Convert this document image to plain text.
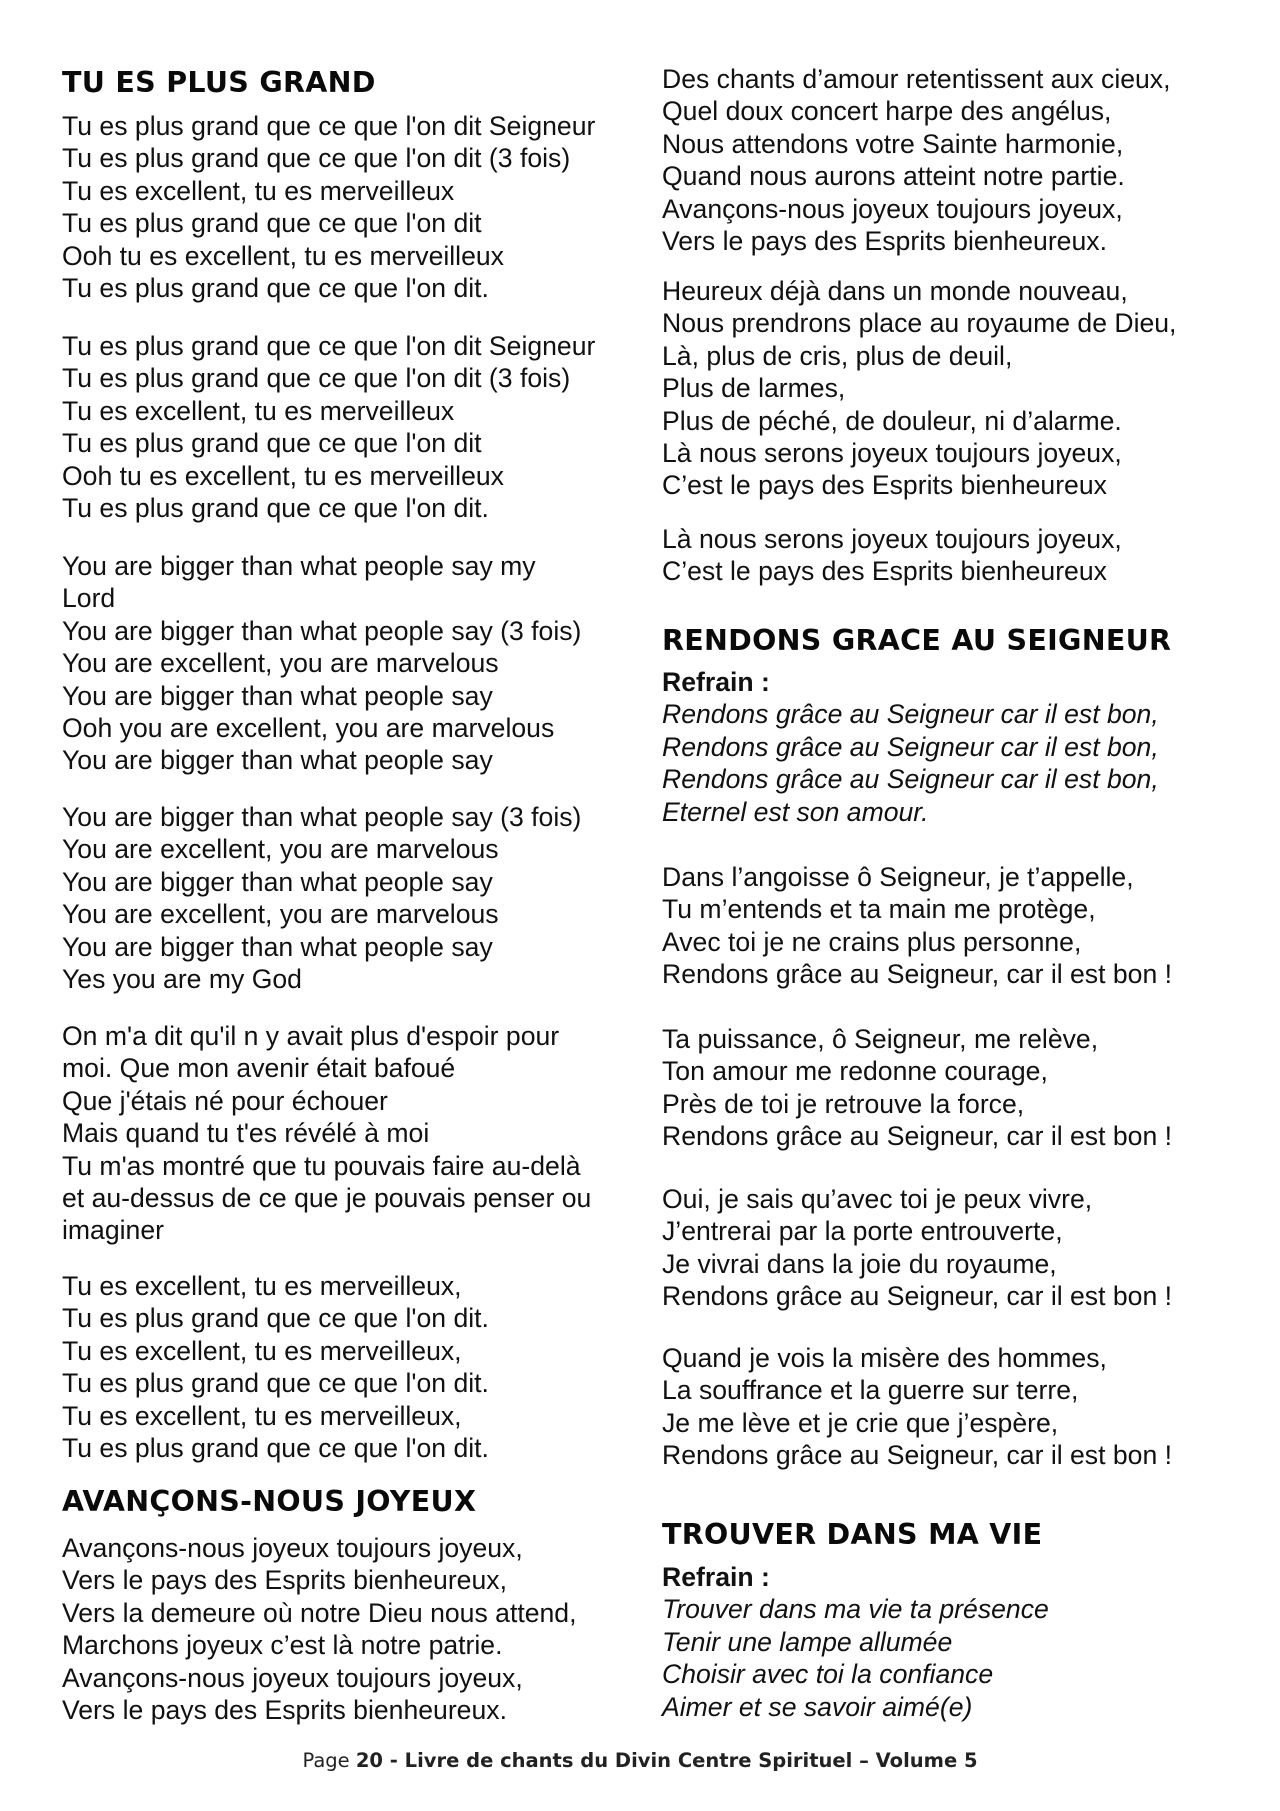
TU ES PLUS GRAND
Tu es plus grand que ce que l'on dit Seigneur
Tu es plus grand que ce que l'on dit (3 fois)
Tu es excellent, tu es merveilleux
Tu es plus grand que ce que l'on dit
Ooh tu es excellent, tu es merveilleux
Tu es plus grand que ce que l'on dit.
Tu es plus grand que ce que l'on dit Seigneur
Tu es plus grand que ce que l'on dit (3 fois)
Tu es excellent, tu es merveilleux
Tu es plus grand que ce que l'on dit
Ooh tu es excellent, tu es merveilleux
Tu es plus grand que ce que l'on dit.
You are bigger than what people say my
Lord
You are bigger than what people say (3 fois)
You are excellent, you are marvelous
You are bigger than what people say
Ooh you are excellent, you are marvelous
You are bigger than what people say
You are bigger than what people say (3 fois)
You are excellent, you are marvelous
You are bigger than what people say
You are excellent, you are marvelous
You are bigger than what people say
Yes you are my God
On m'a dit qu'il n y avait plus d'espoir pour
moi. Que mon avenir était bafoué
Que j'étais né pour échouer
Mais quand tu t'es révélé à moi
Tu m'as montré que tu pouvais faire au-delà
et au-dessus de ce que je pouvais penser ou
imaginer
Tu es excellent, tu es merveilleux,
Tu es plus grand que ce que l'on dit.
Tu es excellent, tu es merveilleux,
Tu es plus grand que ce que l'on dit.
Tu es excellent, tu es merveilleux,
Tu es plus grand que ce que l'on dit.
AVANÇONS-NOUS JOYEUX
Avançons-nous joyeux toujours joyeux,
Vers le pays des Esprits bienheureux,
Vers la demeure où notre Dieu nous attend,
Marchons joyeux c’est là notre patrie.
Avançons-nous joyeux toujours joyeux,
Vers le pays des Esprits bienheureux.
Des chants d’amour retentissent aux cieux,
Quel doux concert harpe des angélus,
Nous attendons votre Sainte harmonie,
Quand nous aurons atteint notre partie.
Avançons-nous joyeux toujours joyeux,
Vers le pays des Esprits bienheureux.
Heureux déjà dans un monde nouveau,
Nous prendrons place au royaume de Dieu,
Là, plus de cris, plus de deuil,
Plus de larmes,
Plus de péché, de douleur, ni d’alarme.
Là nous serons joyeux toujours joyeux,
C’est le pays des Esprits bienheureux
Là nous serons joyeux toujours joyeux,
C’est le pays des Esprits bienheureux
RENDONS GRACE AU SEIGNEUR
Refrain :
Rendons grâce au Seigneur car il est bon,
Rendons grâce au Seigneur car il est bon,
Rendons grâce au Seigneur car il est bon,
Eternel est son amour.
Dans l’angoisse ô Seigneur, je t’appelle,
Tu m’entends et ta main me protège,
Avec toi je ne crains plus personne,
Rendons grâce au Seigneur, car il est bon !
Ta puissance, ô Seigneur, me relève,
Ton amour me redonne courage,
Près de toi je retrouve la force,
Rendons grâce au Seigneur, car il est bon !
Oui, je sais qu’avec toi je peux vivre,
J’entrerai par la porte entrouverte,
Je vivrai dans la joie du royaume,
Rendons grâce au Seigneur, car il est bon !
Quand je vois la misère des hommes,
La souffrance et la guerre sur terre,
Je me lève et je crie que j’espère,
Rendons grâce au Seigneur, car il est bon !
TROUVER DANS MA VIE
Refrain :
Trouver dans ma vie ta présence
Tenir une lampe allumée
Choisir avec toi la confiance
Aimer et se savoir aimé(e)
Page 20 - Livre de chants du Divin Centre Spirituel – Volume 5
